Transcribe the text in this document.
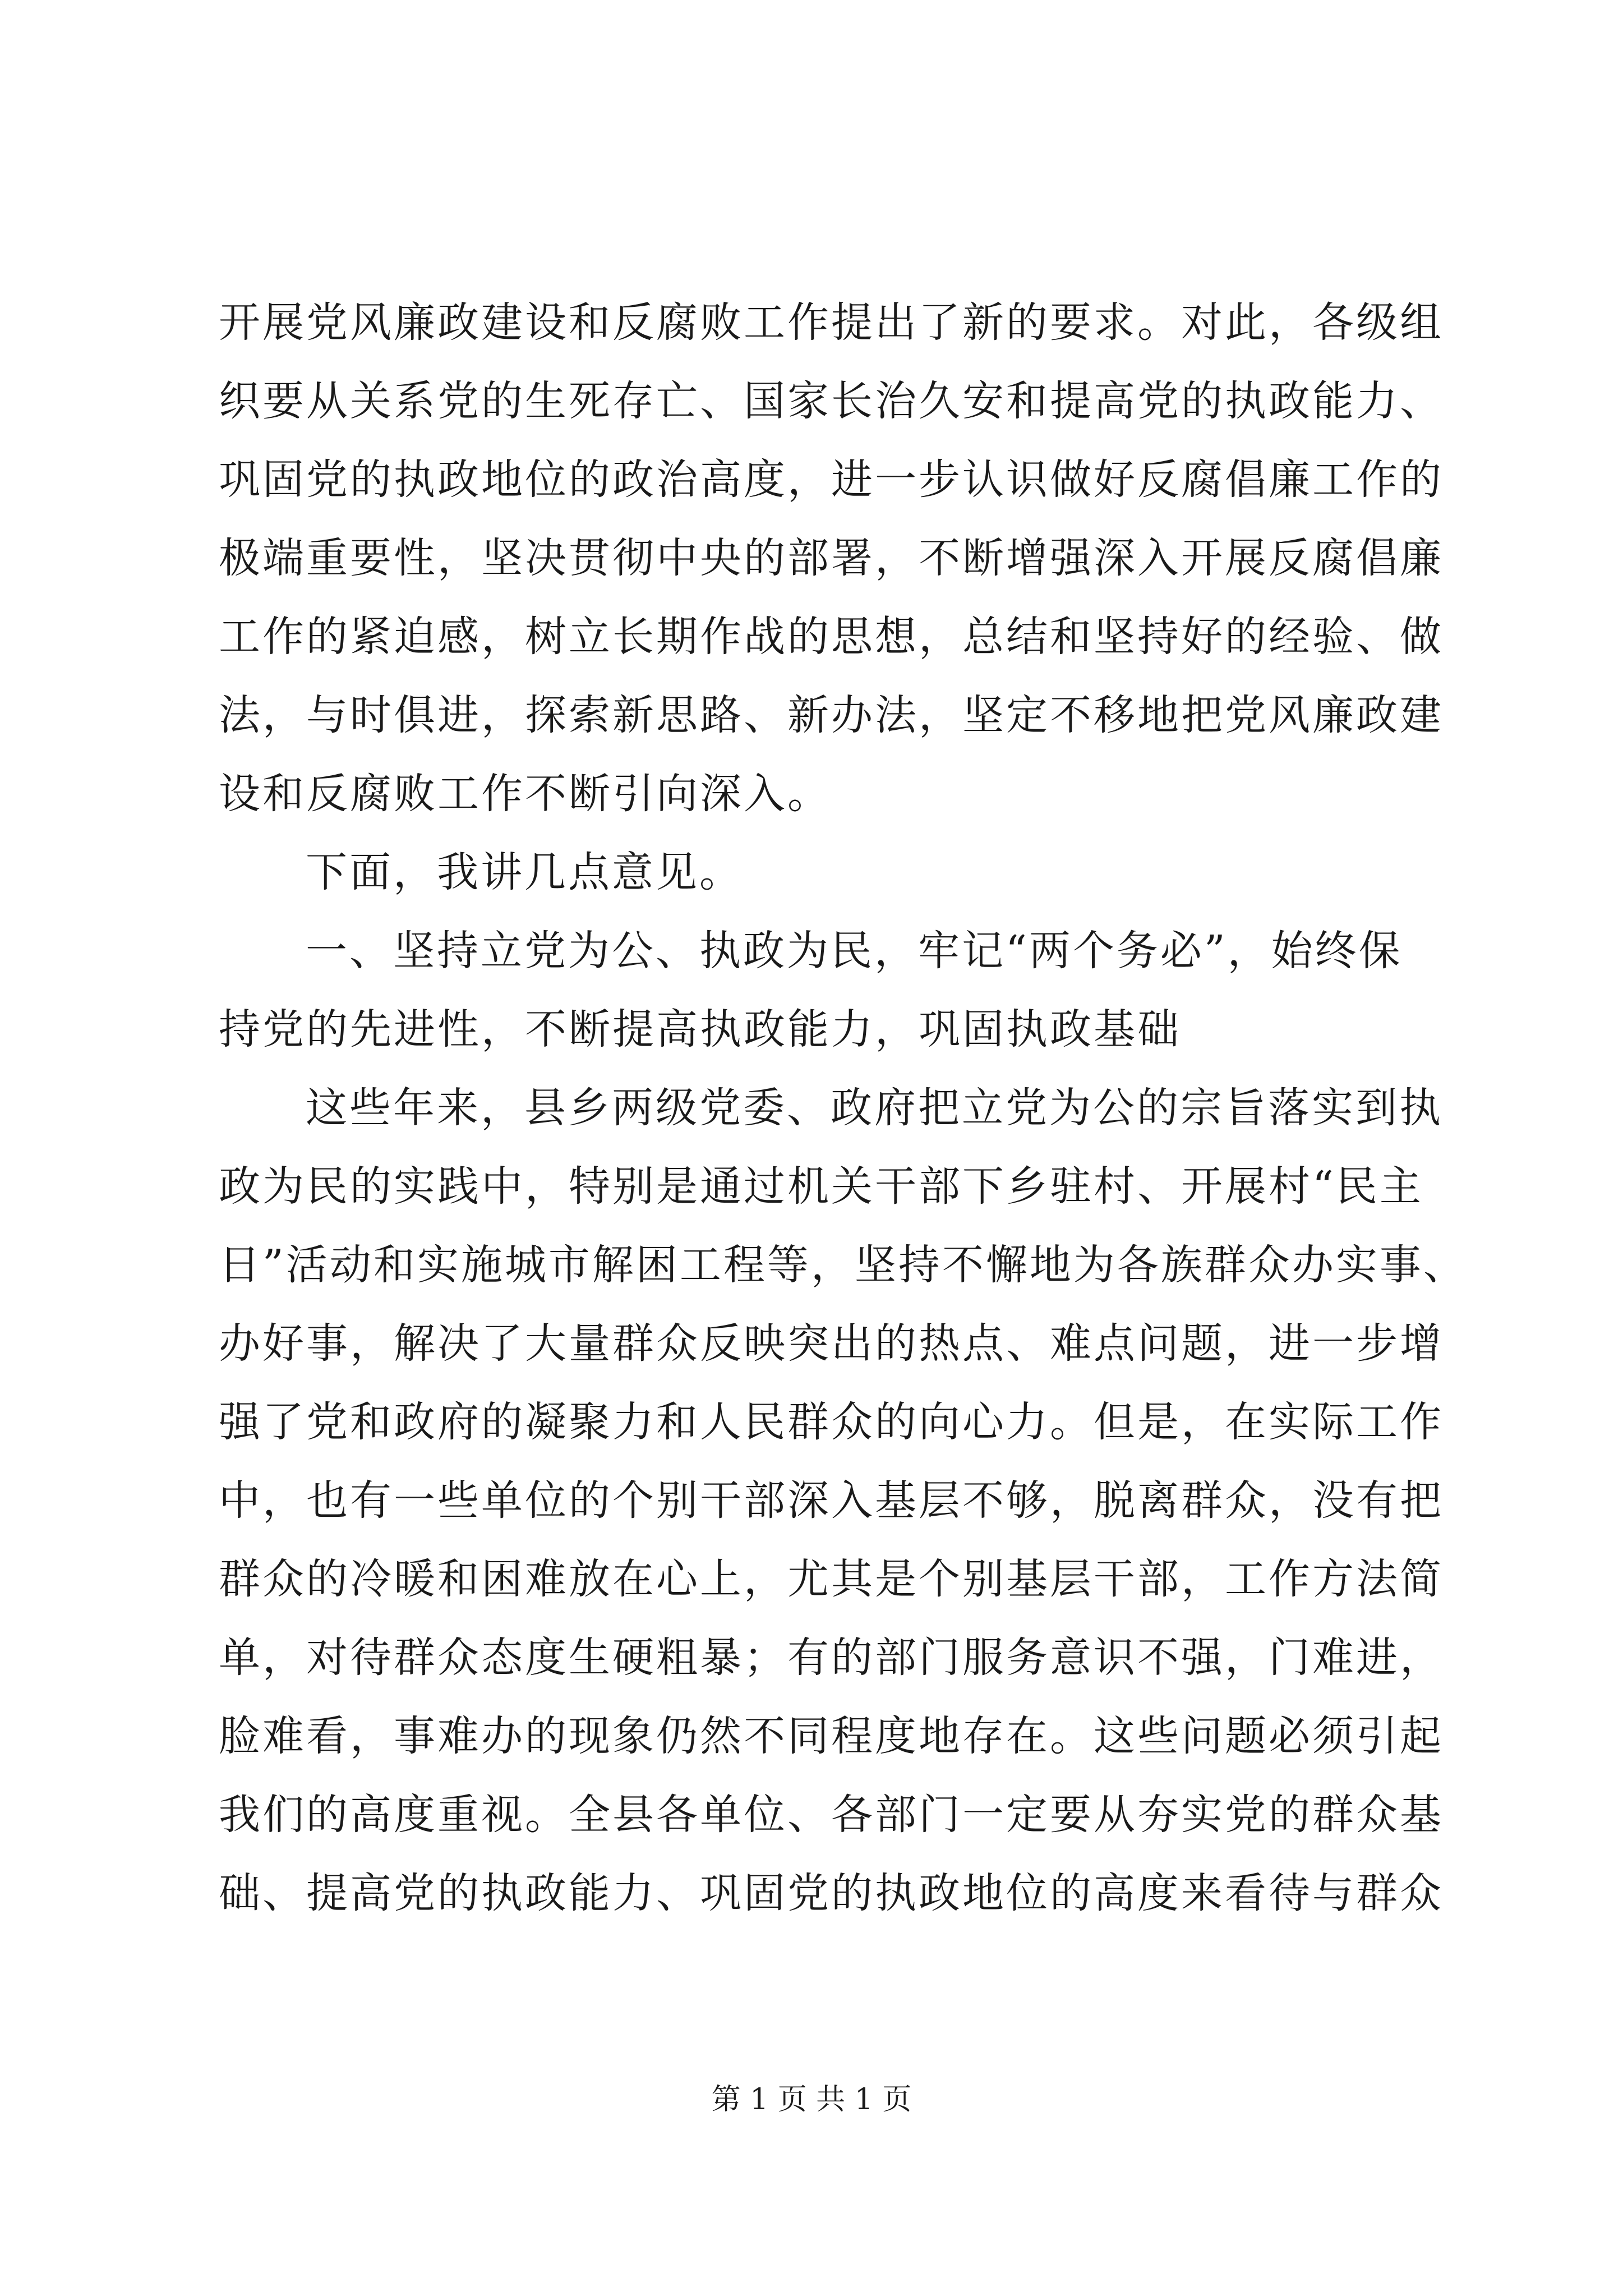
开展党风廉政建设和反腐败工作提出了新的要求。对此，各级组
织要从关系党的生死存亡、国家长治久安和提高党的执政能力、
巩固党的执政地位的政治高度，进一步认识做好反腐倡廉工作的
极端重要性，坚决贯彻中央的部署，不断增强深入开展反腐倡廉
工作的紧迫感，树立长期作战的思想，总结和坚持好的经验、做
法，与时俱进，探索新思路、新办法，坚定不移地把党风廉政建
设和反腐败工作不断引向深入。
下面，我讲几点意见。
一、坚持立党为公、执政为民，牢记“两个务必”，始终保
持党的先进性，不断提高执政能力，巩固执政基础
这些年来，县乡两级党委、政府把立党为公的宗旨落实到执
政为民的实践中，特别是通过机关干部下乡驻村、开展村“民主
日”活动和实施城市解困工程等，坚持不懈地为各族群众办实事、
办好事，解决了大量群众反映突出的热点、难点问题，进一步增
强了党和政府的凝聚力和人民群众的向心力。但是，在实际工作
中，也有一些单位的个别干部深入基层不够，脱离群众，没有把
群众的冷暖和困难放在心上，尤其是个别基层干部，工作方法简
单，对待群众态度生硬粗暴；有的部门服务意识不强，门难进，
脸难看，事难办的现象仍然不同程度地存在。这些问题必须引起
我们的高度重视。全县各单位、各部门一定要从夯实党的群众基
础、提高党的执政能力、巩固党的执政地位的高度来看待与群众
第 1 页 共 1 页
